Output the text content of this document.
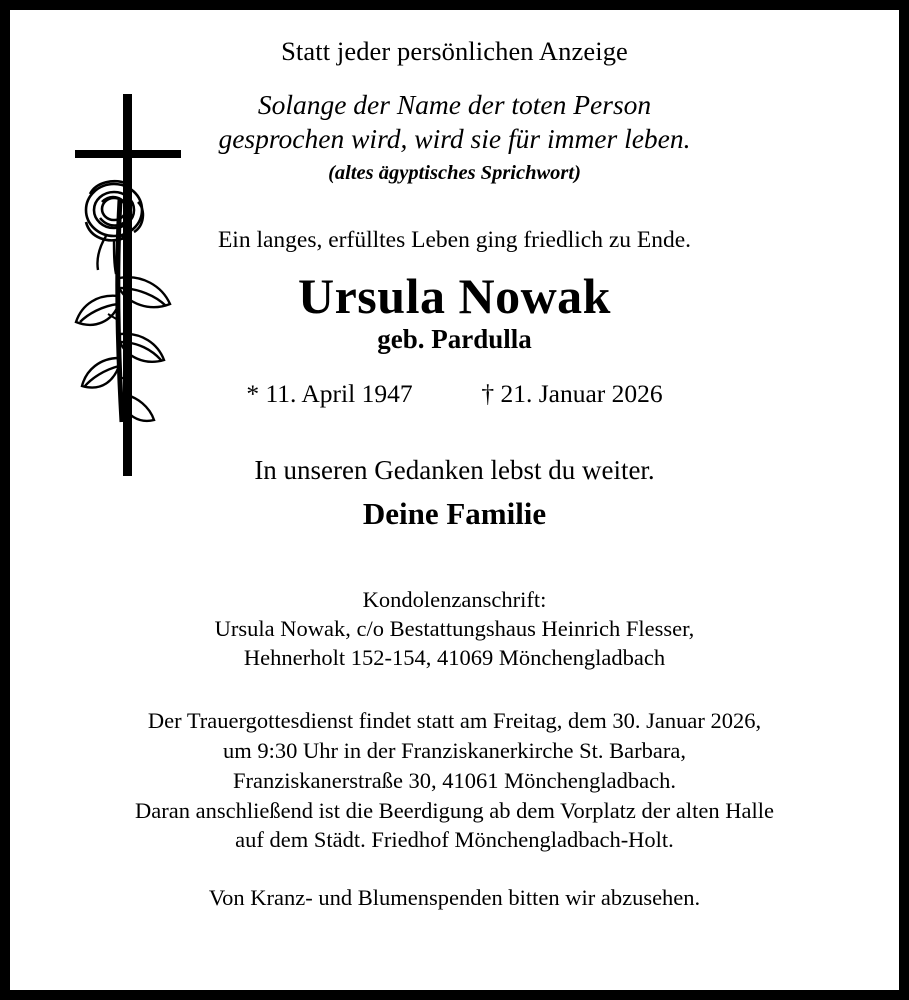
Statt jeder persönlichen Anzeige

Solange der Name der toten Person
gesprochen wird, wird sie für immer leben.

(altes ägyptisches Sprichwort)

Ein langes, erfülltes Leben ging friedlich zu Ende.

Ursula Nowak

geb. Pardulla

* 11. April 1947	† 21. Januar 2026

In unseren Gedanken lebst du weiter.

Deine Familie

Kondolenzanschrift:
Ursula Nowak, c/o Bestattungshaus Heinrich Flesser,
Hehnerholt 152-154, 41069 Mönchengladbach
Der Trauergottesdienst findet statt am Freitag, dem 30. Januar 2026,
um 9:30 Uhr in der Franziskanerkirche St. Barbara,
Franziskanerstraße 30, 41061 Mönchengladbach.
Daran anschließend ist die Beerdigung ab dem Vorplatz der alten Halle
auf dem Städt. Friedhof Mönchengladbach-Holt.

Von Kranz- und Blumenspenden bitten wir abzusehen.
